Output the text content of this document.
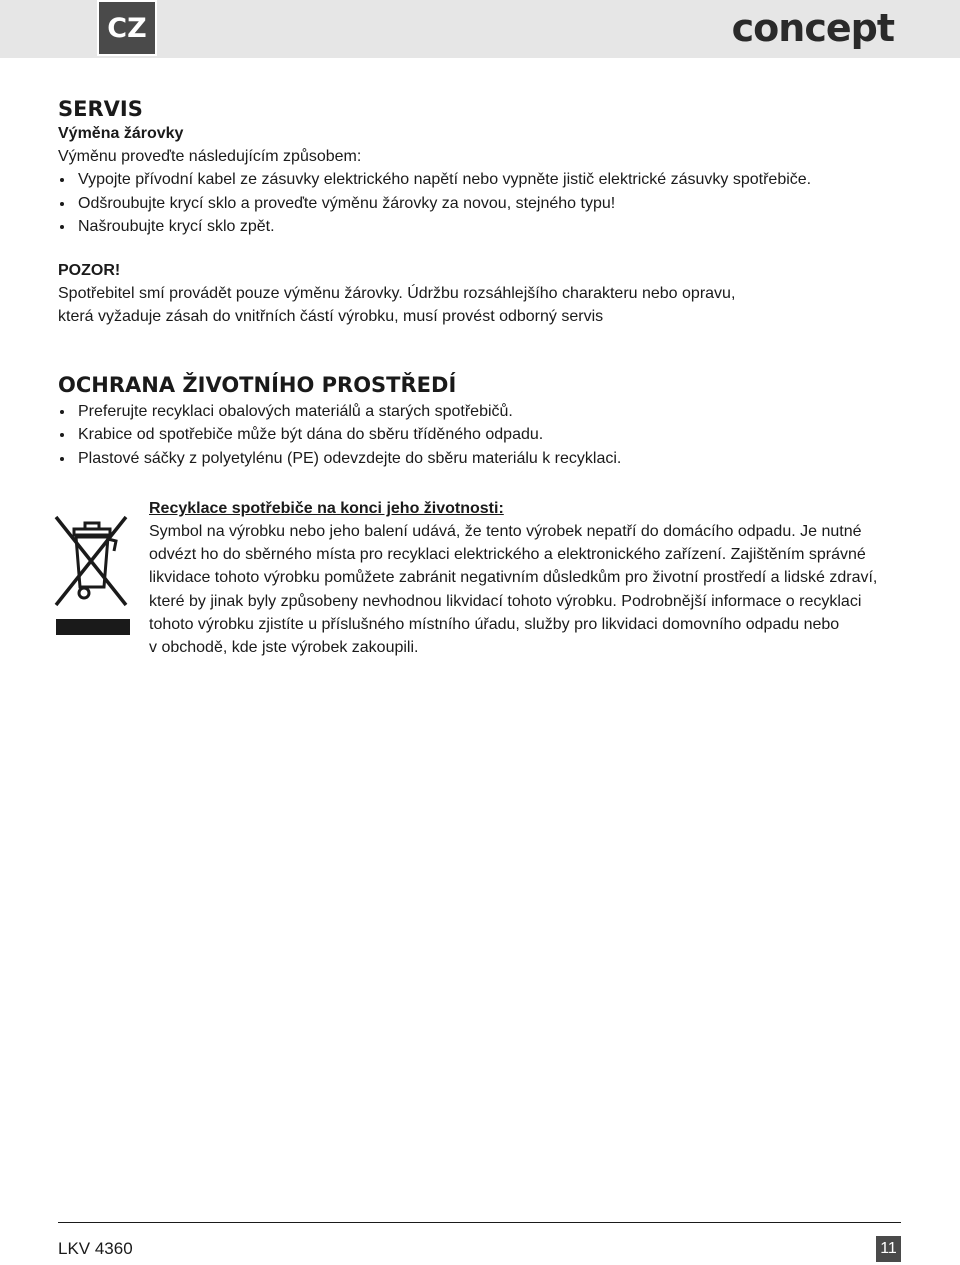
CZ	concept
SERVIS
Výměna žárovky

Výměnu proveďte následujícím způsobem:

Vypojte přívodní kabel ze zásuvky elektrického napětí nebo vypněte jistič elektrické zásuvky spotřebiče.
Odšroubujte krycí sklo a proveďte výměnu žárovky za novou, stejného typu!
Našroubujte krycí sklo zpět.
POZOR!

Spotřebitel smí provádět pouze výměnu žárovky. Údržbu rozsáhlejšího charakteru nebo opravu,

která vyžaduje zásah do vnitřních částí výrobku, musí provést odborný servis

OCHRANA ŽIVOTNÍHO PROSTŘEDÍ
Preferujte recyklaci obalových materiálů a starých spotřebičů.
Krabice od spotřebiče může být dána do sběru tříděného odpadu.
Plastové sáčky z polyetylénu (PE) odevzdejte do sběru materiálu k recyklaci.
Recyklace spotřebiče na konci jeho životnosti:

Symbol na výrobku nebo jeho balení udává, že tento výrobek nepatří do domácího odpadu. Je nutné

odvézt ho do sběrného místa pro recyklaci elektrického a elektronického zařízení. Zajištěním správné

likvidace tohoto výrobku pomůžete zabránit negativním důsledkům pro životní prostředí a lidské zdraví,

které by jinak byly způsobeny nevhodnou likvidací tohoto výrobku. Podrobnější informace o recyklaci

tohoto výrobku zjistíte u příslušného místního úřadu, služby pro likvidaci domovního odpadu nebo

v obchodě, kde jste výrobek zakoupili.

LKV 4360	11
